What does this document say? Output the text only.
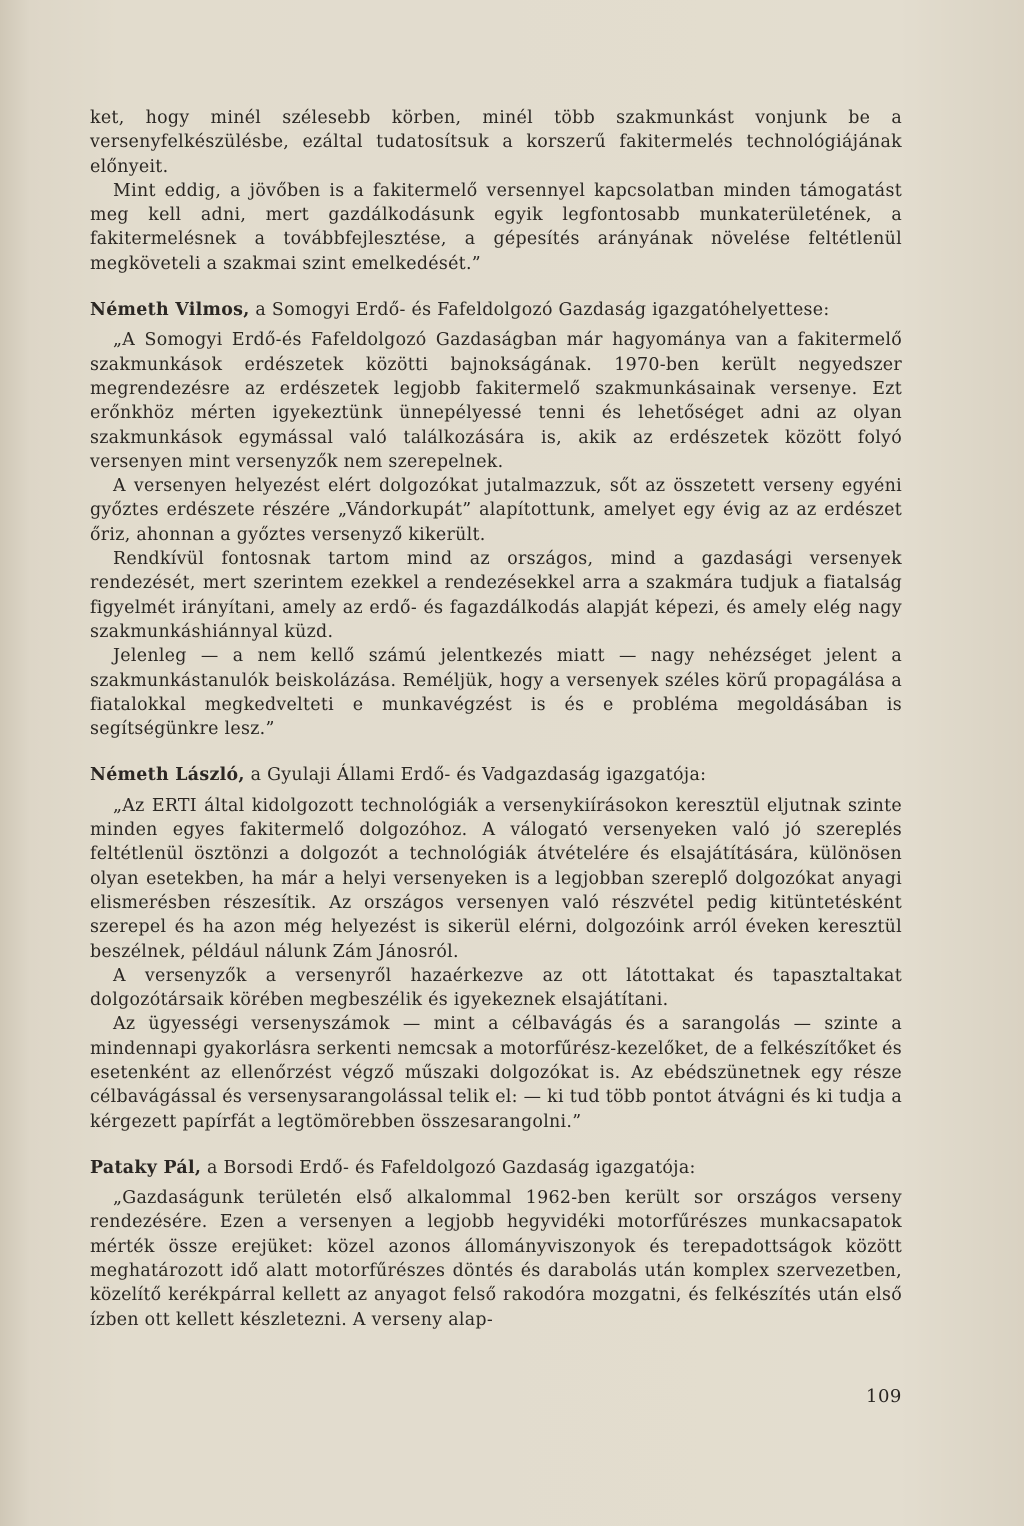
ket, hogy minél szélesebb körben, minél több szakmunkást vonjunk be a versenyfelkészülésbe, ezáltal tudatosítsuk a korszerű fakitermelés technológiájának előnyeit.

Mint eddig, a jövőben is a fakitermelő versennyel kapcsolatban minden támogatást meg kell adni, mert gazdálkodásunk egyik legfontosabb munkaterületének, a fakitermelésnek a továbbfejlesztése, a gépesítés arányának növelése feltétlenül megköveteli a szakmai szint emelkedését.”

Németh Vilmos, a Somogyi Erdő- és Fafeldolgozó Gazdaság igazgatóhelyettese:

„A Somogyi Erdő-és Fafeldolgozó Gazdaságban már hagyománya van a fakitermelő szakmunkások erdészetek közötti bajnokságának. 1970-ben került negyedszer megrendezésre az erdészetek legjobb fakitermelő szakmunkásainak versenye. Ezt erőnkhöz mérten igyekeztünk ünnepélyessé tenni és lehetőséget adni az olyan szakmunkások egymással való találkozására is, akik az erdészetek között folyó versenyen mint versenyzők nem szerepelnek.

A versenyen helyezést elért dolgozókat jutalmazzuk, sőt az összetett verseny egyéni győztes erdészete részére „Vándorkupát” alapítottunk, amelyet egy évig az az erdészet őriz, ahonnan a győztes versenyző kikerült.

Rendkívül fontosnak tartom mind az országos, mind a gazdasági versenyek rendezését, mert szerintem ezekkel a rendezésekkel arra a szakmára tudjuk a fiatalság figyelmét irányítani, amely az erdő- és fagazdálkodás alapját képezi, és amely elég nagy szakmunkáshiánnyal küzd.

Jelenleg — a nem kellő számú jelentkezés miatt — nagy nehézséget jelent a szakmunkástanulók beiskolázása. Reméljük, hogy a versenyek széles körű propagálása a fiatalokkal megkedvelteti e munkavégzést is és e probléma megoldásában is segítségünkre lesz.”

Németh László, a Gyulaji Állami Erdő- és Vadgazdaság igazgatója:

„Az ERTI által kidolgozott technológiák a versenykiírásokon keresztül eljutnak szinte minden egyes fakitermelő dolgozóhoz. A válogató versenyeken való jó szereplés feltétlenül ösztönzi a dolgozót a technológiák átvételére és elsajátítására, különösen olyan esetekben, ha már a helyi versenyeken is a legjobban szereplő dolgozókat anyagi elismerésben részesítik. Az országos versenyen való részvétel pedig kitüntetésként szerepel és ha azon még helyezést is sikerül elérni, dolgozóink arról éveken keresztül beszélnek, például nálunk Zám Jánosról.

A versenyzők a versenyről hazaérkezve az ott látottakat és tapasztaltakat dolgozótársaik körében megbeszélik és igyekeznek elsajátítani.

Az ügyességi versenyszámok — mint a célbavágás és a sarangolás — szinte a mindennapi gyakorlásra serkenti nemcsak a motorfűrész-kezelőket, de a felkészítőket és esetenként az ellenőrzést végző műszaki dolgozókat is. Az ebédszünetnek egy része célbavágással és versenysarangolással telik el: — ki tud több pontot átvágni és ki tudja a kérgezett papírfát a legtömörebben összesarangolni.”

Pataky Pál, a Borsodi Erdő- és Fafeldolgozó Gazdaság igazgatója:

„Gazdaságunk területén első alkalommal 1962-ben került sor országos verseny rendezésére. Ezen a versenyen a legjobb hegyvidéki motorfűrészes munkacsapatok mérték össze erejüket: közel azonos állományviszonyok és terepadottságok között meghatározott idő alatt motorfűrészes döntés és darabolás után komplex szervezetben, közelítő kerékpárral kellett az anyagot felső rakodóra mozgatni, és felkészítés után első ízben ott kellett készletezni. A verseny alap-

109
